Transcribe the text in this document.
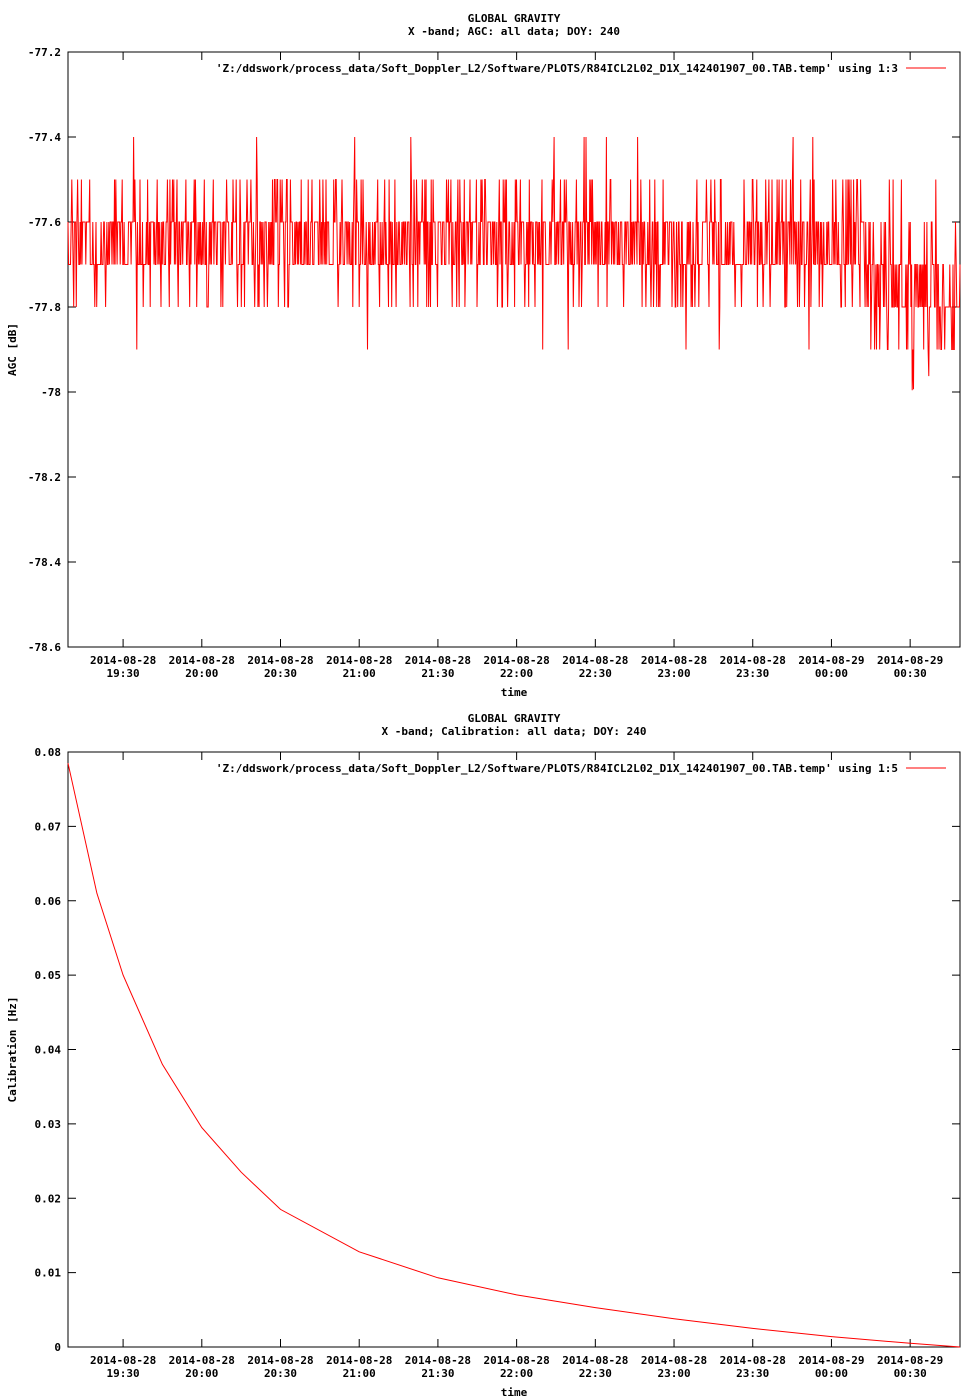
GLOBAL GRAVITY
X -band; AGC: all data; DOY: 240
-77.2
-77.4
-77.6
-77.8
-78
-78.2
-78.4
-78.6
2014-08-28
19:30
2014-08-28
20:00
2014-08-28
20:30
2014-08-28
21:00
2014-08-28
21:30
2014-08-28
22:00
2014-08-28
22:30
2014-08-28
23:00
2014-08-28
23:30
2014-08-29
00:00
2014-08-29
00:30
time
AGC [dB]
'Z:/ddswork/process_data/Soft_Doppler_L2/Software/PLOTS/R84ICL2L02_D1X_142401907_00.TAB.temp' using 1:3
GLOBAL GRAVITY
X -band; Calibration: all data; DOY: 240
0.08
0.07
0.06
0.05
0.04
0.03
0.02
0.01
0
2014-08-28
19:30
2014-08-28
20:00
2014-08-28
20:30
2014-08-28
21:00
2014-08-28
21:30
2014-08-28
22:00
2014-08-28
22:30
2014-08-28
23:00
2014-08-28
23:30
2014-08-29
00:00
2014-08-29
00:30
time
Calibration [Hz]
'Z:/ddswork/process_data/Soft_Doppler_L2/Software/PLOTS/R84ICL2L02_D1X_142401907_00.TAB.temp' using 1:5
